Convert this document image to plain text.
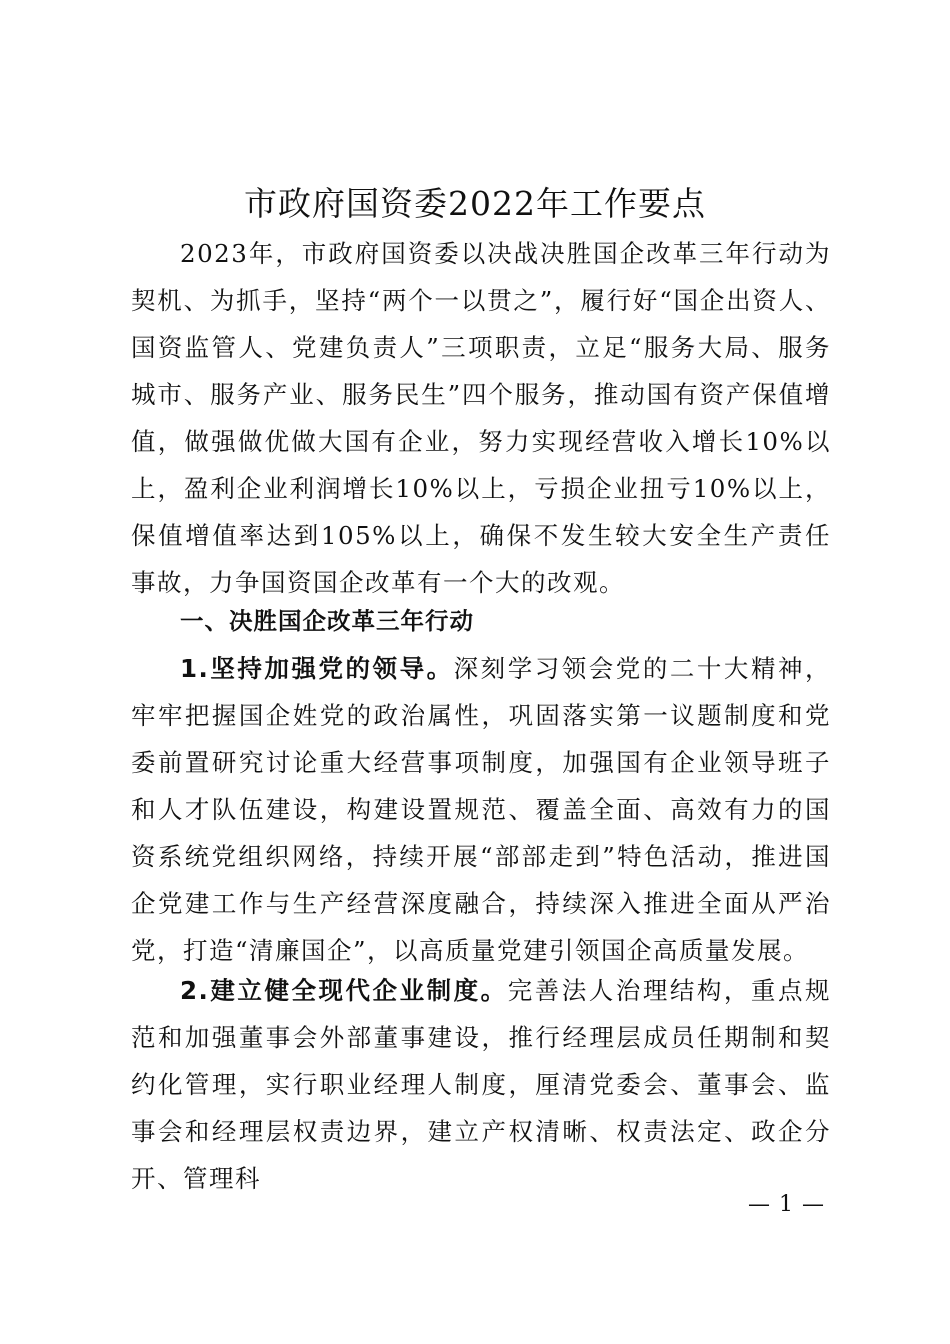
市政府国资委2022年工作要点

2023年，市政府国资委以决战决胜国企改革三年行动为契机、为抓手，坚持“两个一以贯之”，履行好“国企出资人、国资监管人、党建负责人”三项职责，立足“服务大局、服务城市、服务产业、服务民生”四个服务，推动国有资产保值增值，做强做优做大国有企业，努力实现经营收入增长10%以上，盈利企业利润增长10%以上，亏损企业扭亏10%以上，保值增值率达到105%以上，确保不发生较大安全生产责任事故，力争国资国企改革有一个大的改观。

一、决胜国企改革三年行动

1.坚持加强党的领导。深刻学习领会党的二十大精神，牢牢把握国企姓党的政治属性，巩固落实第一议题制度和党委前置研究讨论重大经营事项制度，加强国有企业领导班子和人才队伍建设，构建设置规范、覆盖全面、高效有力的国资系统党组织网络，持续开展“部部走到”特色活动，推进国企党建工作与生产经营深度融合，持续深入推进全面从严治党，打造“清廉国企”，以高质量党建引领国企高质量发展。

2.建立健全现代企业制度。完善法人治理结构，重点规范和加强董事会外部董事建设，推行经理层成员任期制和契约化管理，实行职业经理人制度，厘清党委会、董事会、监事会和经理层权责边界，建立产权清晰、权责法定、政企分开、管理科

— 1 —
